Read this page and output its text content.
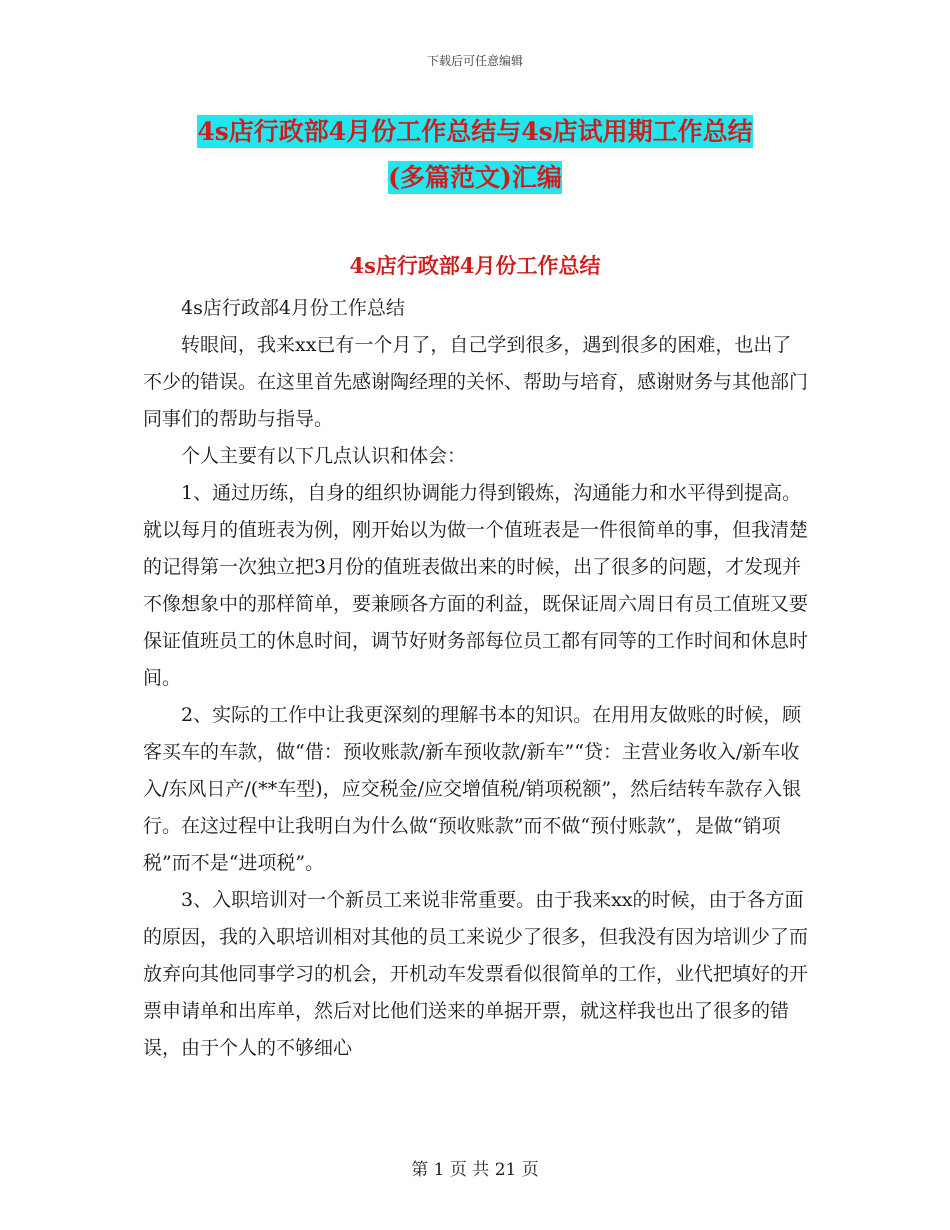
下载后可任意编辑
4s店行政部4月份工作总结与4s店试用期工作总结
(多篇范文)汇编
4s店行政部4月份工作总结

4s店行政部4月份工作总结

转眼间，我来xx已有一个月了，自己学到很多，遇到很多的困难，也出了不少的错误。在这里首先感谢陶经理的关怀、帮助与培育，感谢财务与其他部门同事们的帮助与指导。

个人主要有以下几点认识和体会：

1、通过历练，自身的组织协调能力得到锻炼，沟通能力和水平得到提高。就以每月的值班表为例，刚开始以为做一个值班表是一件很简单的事，但我清楚的记得第一次独立把3月份的值班表做出来的时候，出了很多的问题，才发现并不像想象中的那样简单，要兼顾各方面的利益，既保证周六周日有员工值班又要保证值班员工的休息时间，调节好财务部每位员工都有同等的工作时间和休息时间。

2、实际的工作中让我更深刻的理解书本的知识。在用用友做账的时候，顾客买车的车款，做“借：预收账款/新车预收款/新车”“贷：主营业务收入/新车收入/东风日产/(**车型)，应交税金/应交增值税/销项税额”，然后结转车款存入银行。在这过程中让我明白为什么做“预收账款”而不做“预付账款”，是做“销项税”而不是“进项税”。

3、入职培训对一个新员工来说非常重要。由于我来xx的时候，由于各方面的原因，我的入职培训相对其他的员工来说少了很多，但我没有因为培训少了而放弃向其他同事学习的机会，开机动车发票看似很简单的工作，业代把填好的开票申请单和出库单，然后对比他们送来的单据开票，就这样我也出了很多的错误，由于个人的不够细心

第 1 页 共 21 页
